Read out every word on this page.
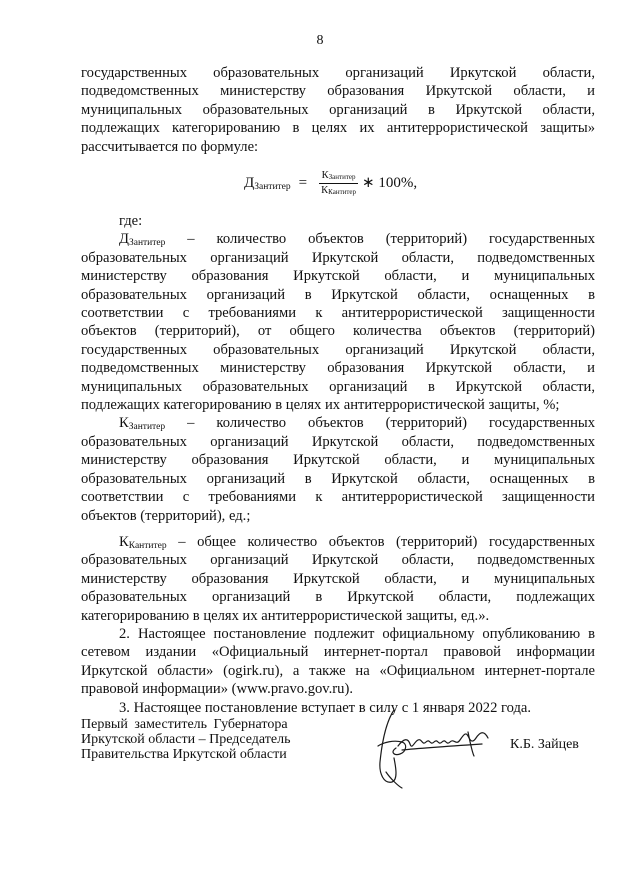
8

государственных образовательных организаций Иркутской области,

подведомственных министерству образования Иркутской области, и

муниципальных образовательных организаций в Иркутской области,

подлежащих категорированию в целях их антитеррористической защиты»

рассчитывается по формуле:

$Д_{Зантитер} = \frac{К_{Зантитер}}{К_{Кантитер}}$ ∗ 100%,

где:

$Д_{Зантитер}$ – количество объектов (территорий) государственных

образовательных организаций Иркутской области, подведомственных

министерству образования Иркутской области, и муниципальных

образовательных организаций в Иркутской области, оснащенных в

соответствии с требованиями к антитеррористической защищенности

объектов (территорий), от общего количества объектов (территорий)

государственных образовательных организаций Иркутской области,

подведомственных министерству образования Иркутской области, и

муниципальных образовательных организаций в Иркутской области,

подлежащих категорированию в целях их антитеррористической защиты, %;

$К_{Зантитер}$ – количество объектов (территорий) государственных

образовательных организаций Иркутской области, подведомственных

министерству образования Иркутской области, и муниципальных

образовательных организаций в Иркутской области, оснащенных в

соответствии с требованиями к антитеррористической защищенности

объектов (территорий), ед.;

$К_{Кантитер}$ – общее количество объектов (территорий) государственных

образовательных организаций Иркутской области, подведомственных

министерству образования Иркутской области, и муниципальных

образовательных организаций в Иркутской области, подлежащих

категорированию в целях их антитеррористической защиты, ед.».

2. Настоящее постановление подлежит официальному опубликованию в

сетевом издании «Официальный интернет-портал правовой информации

Иркутской области» (ogirk.ru), а также на «Официальном интернет-портале

правовой информации» (www.pravo.gov.ru).

3. Настоящее постановление вступает в силу с 1 января 2022 года.

Первый заместитель Губернатора
Иркутской области – Председатель
Правительства Иркутской области
К.Б. Зайцев
